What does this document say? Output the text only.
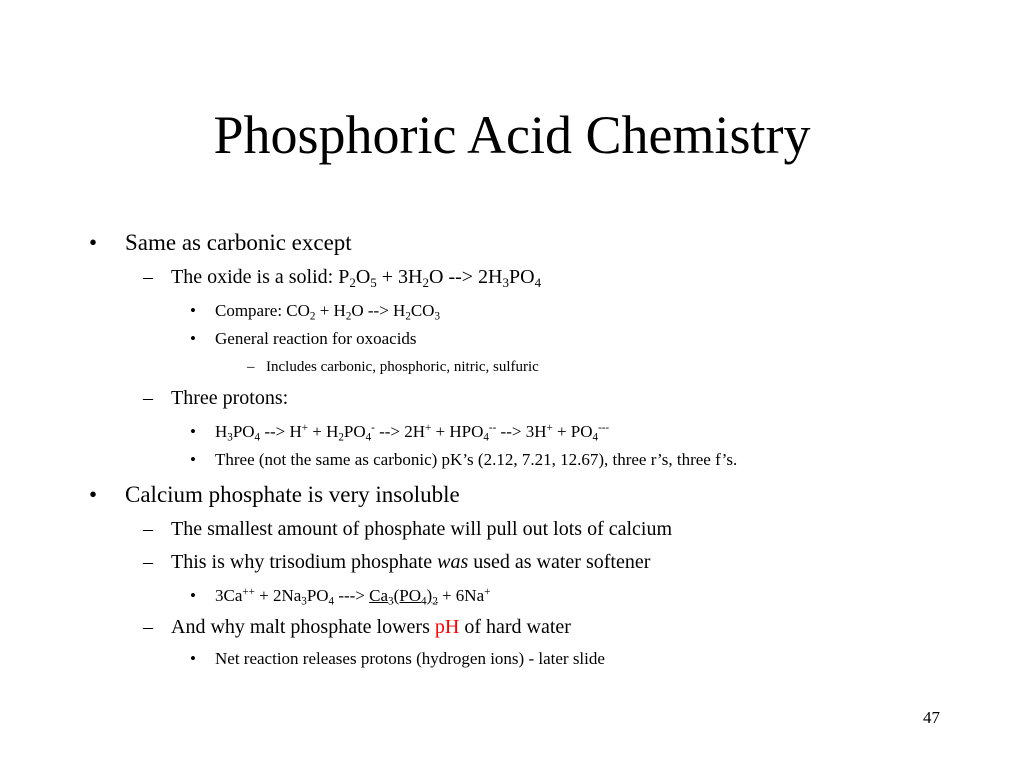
Phosphoric Acid Chemistry
• Same as carbonic except
– The oxide is a solid: $P_2O_5 + 3H_2O$ --> $2H_3PO_4$
• Compare: $CO_2 + H_2O$ --> $H_2CO_3$
• General reaction for oxoacids
– Includes carbonic, phosphoric, nitric, sulfuric
– Three protons:
• $H_3PO_4$ --> $H^+ + H_2PO_4^-$ --> $2H^+ + HPO_4^{--}$ --> $3H^+ + PO_4^{---}$
• Three (not the same as carbonic) pK’s (2.12, 7.21, 12.67), three r’s, three f’s.
• Calcium phosphate is very insoluble
– The smallest amount of phosphate will pull out lots of calcium
– This is why trisodium phosphate was used as water softener
• $3Ca^{++} + 2Na_3PO_4$ ---> $Ca_3(PO_4)_2 + 6Na^+$
– And why malt phosphate lowers pH of hard water
• Net reaction releases protons (hydrogen ions) - later slide
47
